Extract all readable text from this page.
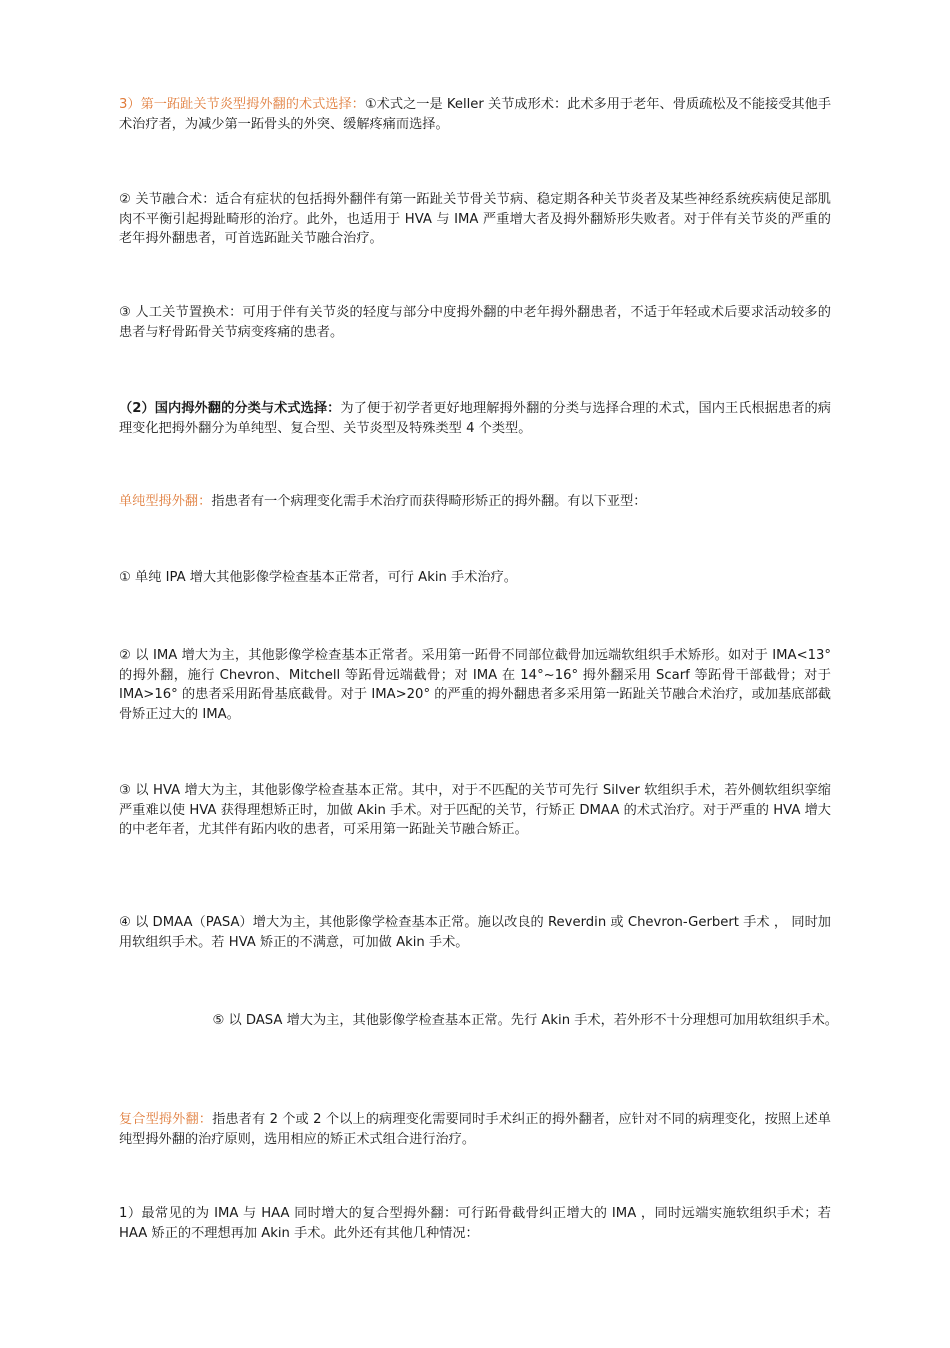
3）第一跖趾关节炎型拇外翻的术式选择：①术式之一是 Keller 关节成形术：此术多用于老年、骨质疏松及不能接受其他手术治疗者，为减少第一跖骨头的外突、缓解疼痛而选择。

② 关节融合术：适合有症状的包括拇外翻伴有第一跖趾关节骨关节病、稳定期各种关节炎者及某些神经系统疾病使足部肌肉不平衡引起拇趾畸形的治疗。此外，也适用于 HVA 与 IMA 严重增大者及拇外翻矫形失败者。对于伴有关节炎的严重的老年拇外翻患者，可首选跖趾关节融合治疗。

③ 人工关节置换术：可用于伴有关节炎的轻度与部分中度拇外翻的中老年拇外翻患者，不适于年轻或术后要求活动较多的患者与籽骨跖骨关节病变疼痛的患者。

（2）国内拇外翻的分类与术式选择：为了便于初学者更好地理解拇外翻的分类与选择合理的术式，国内王氏根据患者的病理变化把拇外翻分为单纯型、复合型、关节炎型及特殊类型 4 个类型。

单纯型拇外翻：指患者有一个病理变化需手术治疗而获得畸形矫正的拇外翻。有以下亚型：

① 单纯 IPA 增大其他影像学检查基本正常者，可行 Akin 手术治疗。

② 以 IMA 增大为主，其他影像学检查基本正常者。采用第一跖骨不同部位截骨加远端软组织手术矫形。如对于 IMA<13° 的拇外翻，施行 Chevron、Mitchell 等跖骨远端截骨；对 IMA 在 14°~16° 拇外翻采用 Scarf 等跖骨干部截骨；对于 IMA>16° 的患者采用跖骨基底截骨。对于 IMA>20° 的严重的拇外翻患者多采用第一跖趾关节融合术治疗，或加基底部截骨矫正过大的 IMA。

③ 以 HVA 增大为主，其他影像学检查基本正常。其中，对于不匹配的关节可先行 Silver 软组织手术，若外侧软组织挛缩严重难以使 HVA 获得理想矫正时，加做 Akin 手术。对于匹配的关节，行矫正 DMAA 的术式治疗。对于严重的 HVA 增大的中老年者，尤其伴有跖内收的患者，可采用第一跖趾关节融合矫正。

④ 以 DMAA（PASA）增大为主，其他影像学检查基本正常。施以改良的 Reverdin 或 Chevron-Gerbert 手术 ， 同时加用软组织手术。若 HVA 矫正的不满意，可加做 Akin 手术。

⑤ 以 DASA 增大为主，其他影像学检查基本正常。先行 Akin 手术，若外形不十分理想可加用软组织手术。

复合型拇外翻：指患者有 2 个或 2 个以上的病理变化需要同时手术纠正的拇外翻者，应针对不同的病理变化，按照上述单纯型拇外翻的治疗原则，选用相应的矫正术式组合进行治疗。

1）最常见的为 IMA 与 HAA 同时增大的复合型拇外翻：可行跖骨截骨纠正增大的 IMA ，同时远端实施软组织手术；若 HAA 矫正的不理想再加 Akin 手术。此外还有其他几种情况：
